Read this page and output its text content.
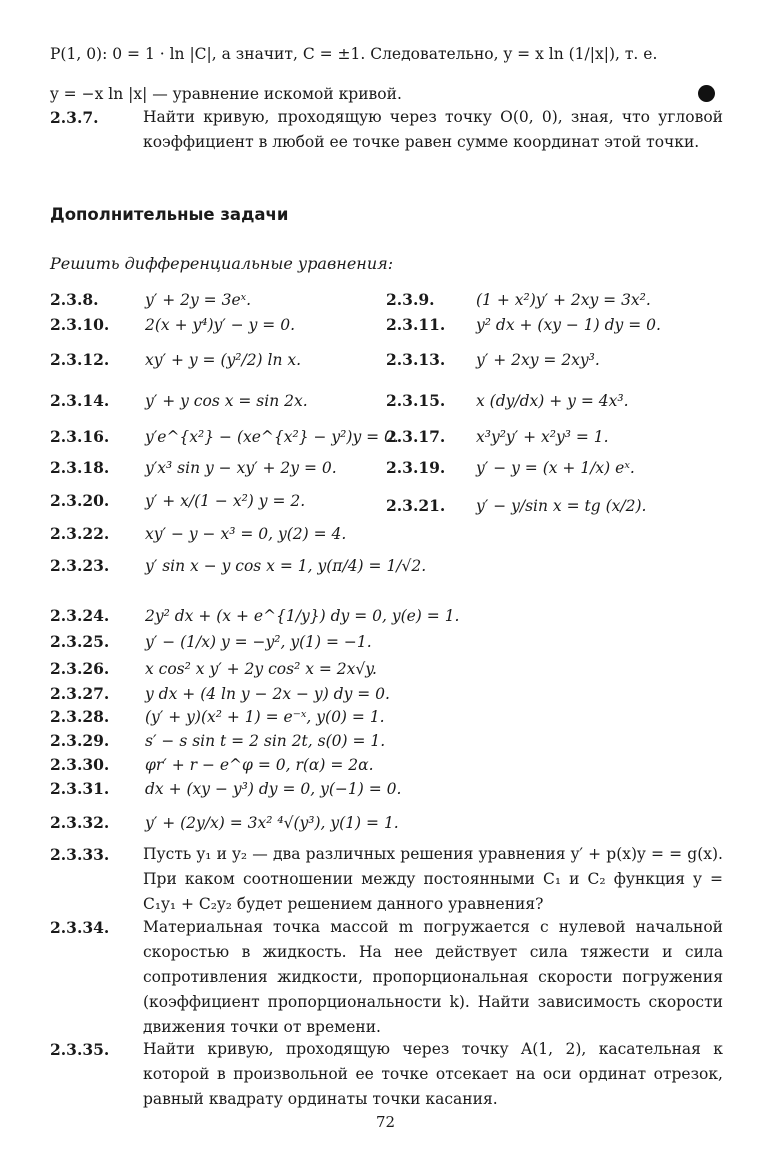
P(1, 0): 0 = 1 · ln |C|, а значит, C = ±1. Следовательно, y = x ln (1/|x|), т. е.
y = −x ln |x| — уравнение искомой кривой.
2.3.7.	Найти кривую, проходящую через точку O(0, 0), зная, что угловой коэффициент в любой ее точке равен сумме координат этой точки.
Дополнительные задачи
Решить дифференциальные уравнения:
2.3.8.	y′ + 2y = 3eˣ.	2.3.9.	(1 + x²)y′ + 2xy = 3x².
2.3.10. 2(x + y⁴)y′ − y = 0.	2.3.11. y² dx + (xy − 1) dy = 0.
2.3.12. xy′ + y = (y²/2) ln x.	2.3.13. y′ + 2xy = 2xy³.
2.3.14. y′ + y cos x = sin 2x.	2.3.15. x (dy/dx) + y = 4x³.
2.3.16. y′e^{x²} − (xe^{x²} − y²)y = 0.
2.3.17. x³y²y′ + x²y³ = 1.
2.3.18. y′x³ sin y − xy′ + 2y = 0.	2.3.19. y′ − y = (x + 1/x) eˣ.
2.3.20. y′ + x/(1 − x²) y = 2.	2.3.21. y′ − y/sin x = tg (x/2).
2.3.22. xy′ − y − x³ = 0, y(2) = 4.
2.3.23. y′ sin x − y cos x = 1, y(π/4) = 1/√2.
2.3.24. 2y² dx + (x + e^{1/y}) dy = 0, y(e) = 1.
2.3.25. y′ − (1/x) y = −y², y(1) = −1.
2.3.26. x cos² x y′ + 2y cos² x = 2x√y.
2.3.27. y dx + (4 ln y − 2x − y) dy = 0.
2.3.28. (y′ + y)(x² + 1) = e⁻ˣ, y(0) = 1.
2.3.29. s′ − s sin t = 2 sin 2t, s(0) = 1.
2.3.30. φr′ + r − e^φ = 0, r(α) = 2α.
2.3.31. dx + (xy − y³) dy = 0, y(−1) = 0.
2.3.32. y′ + (2y/x) = 3x² ⁴√(y³), y(1) = 1.
2.3.33. Пусть y₁ и y₂ — два различных решения уравнения y′ + p(x)y = = g(x). При каком соотношении между постоянными C₁ и C₂ функция y = C₁y₁ + C₂y₂ будет решением данного уравнения?
2.3.34. Материальная точка массой m погружается с нулевой начальной скоростью в жидкость. На нее действует сила тяжести и сила сопротивления жидкости, пропорциональная скорости погружения (коэффициент пропорциональности k). Найти зависимость скорости движения точки от времени.
2.3.35. Найти кривую, проходящую через точку A(1, 2), касательная к которой в произвольной ее точке отсекает на оси ординат отрезок, равный квадрату ординаты точки касания.
72
